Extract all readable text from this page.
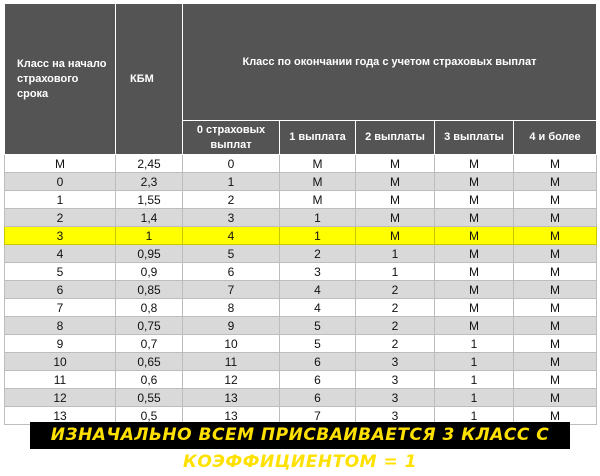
Класс на начало страхового срока	КБМ	Класс по окончании года с учетом страховых выплат				
		0 страховых выплат	1 выплата	2 выплаты	3 выплаты	4 и более
М	2,45	0	М	М	М	М
0	2,3	1	М	М	М	М
1	1,55	2	М	М	М	М
2	1,4	3	1	М	М	М
3	1	4	1	М	М	М
4	0,95	5	2	1	М	М
5	0,9	6	3	1	М	М
6	0,85	7	4	2	М	М
7	0,8	8	4	2	М	М
8	0,75	9	5	2	М	М
9	0,7	10	5	2	1	М
10	0,65	11	6	3	1	М
11	0,6	12	6	3	1	М
12	0,55	13	6	3	1	М
13	0,5	13	7	3	1	М
ИЗНАЧАЛЬНО ВСЕМ ПРИСВАИВАЕТСЯ 3 КЛАСС С КОЭФФИЦИЕНТОМ = 1
